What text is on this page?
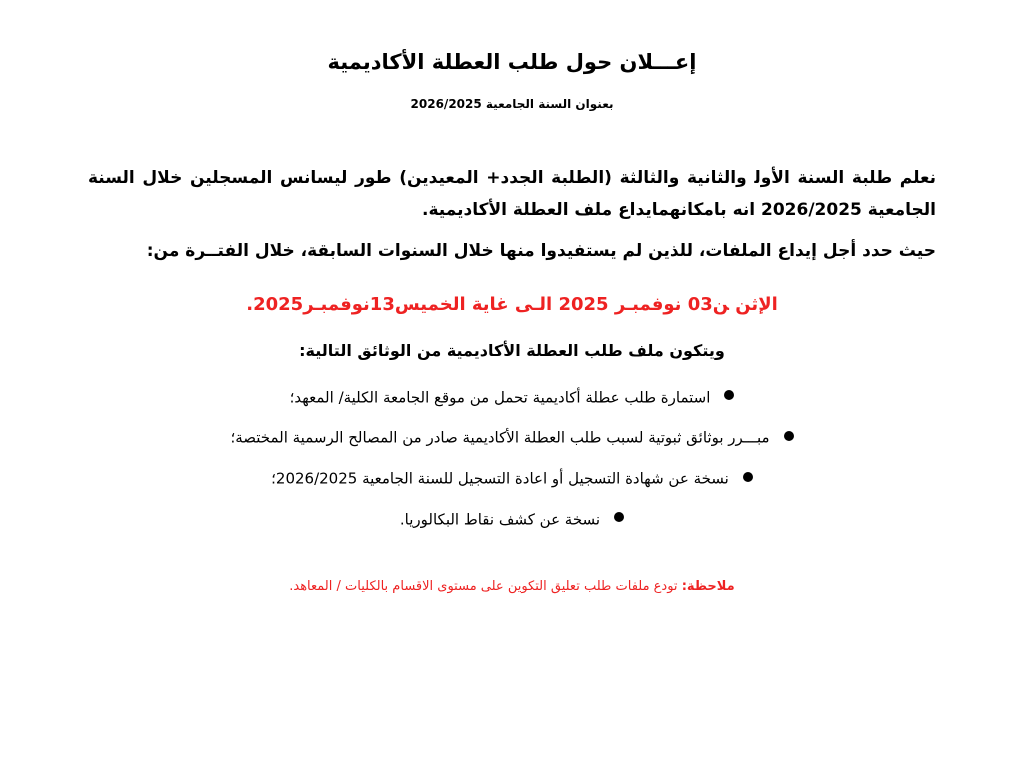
إعـــلان حول طلب العطلة الأكاديمية
بعنوان السنة الجامعية 2026/2025

نعلم طلبة السنة الأوﻟ والثانية والثالثة (الطلبة الجدد+ المعيدين) طور ليسانس المسجلين خلال السنة الجامعية 2026/2025 انه بامكانهمايداع ملف العطلة الأكاديمية.

حيث حدد أجل إيداع الملفات، للذين لم يستفيدوا منها خلال السنوات السابقة، خلال الفتــرة من:

الإثن ﻦ03 نوفمبـر 2025 اﻟـﻰ غاية الخميس13نوفمبـر2025.
ويتكون ملف طلب العطلة الأكاديمية من الوثائق التالية:
استمارة طلب عطلة أكاديمية تحمل من موقع الجامعة الكلية/ المعهد؛
مبـــرر بوثائق ثبوتية لسبب طلب العطلة الأكاديمية صادر من المصالح الرسمية المختصة؛
نسخة عن شهادة التسجيل أو اعادة التسجيل للسنة الجامعية 2026/2025؛
نسخة عن كشف نقاط البكالوريا.
ملاحظة: تودع ملفات طلب تعليق التكوين على مستوى الاقسام بالكليات / المعاهد.
